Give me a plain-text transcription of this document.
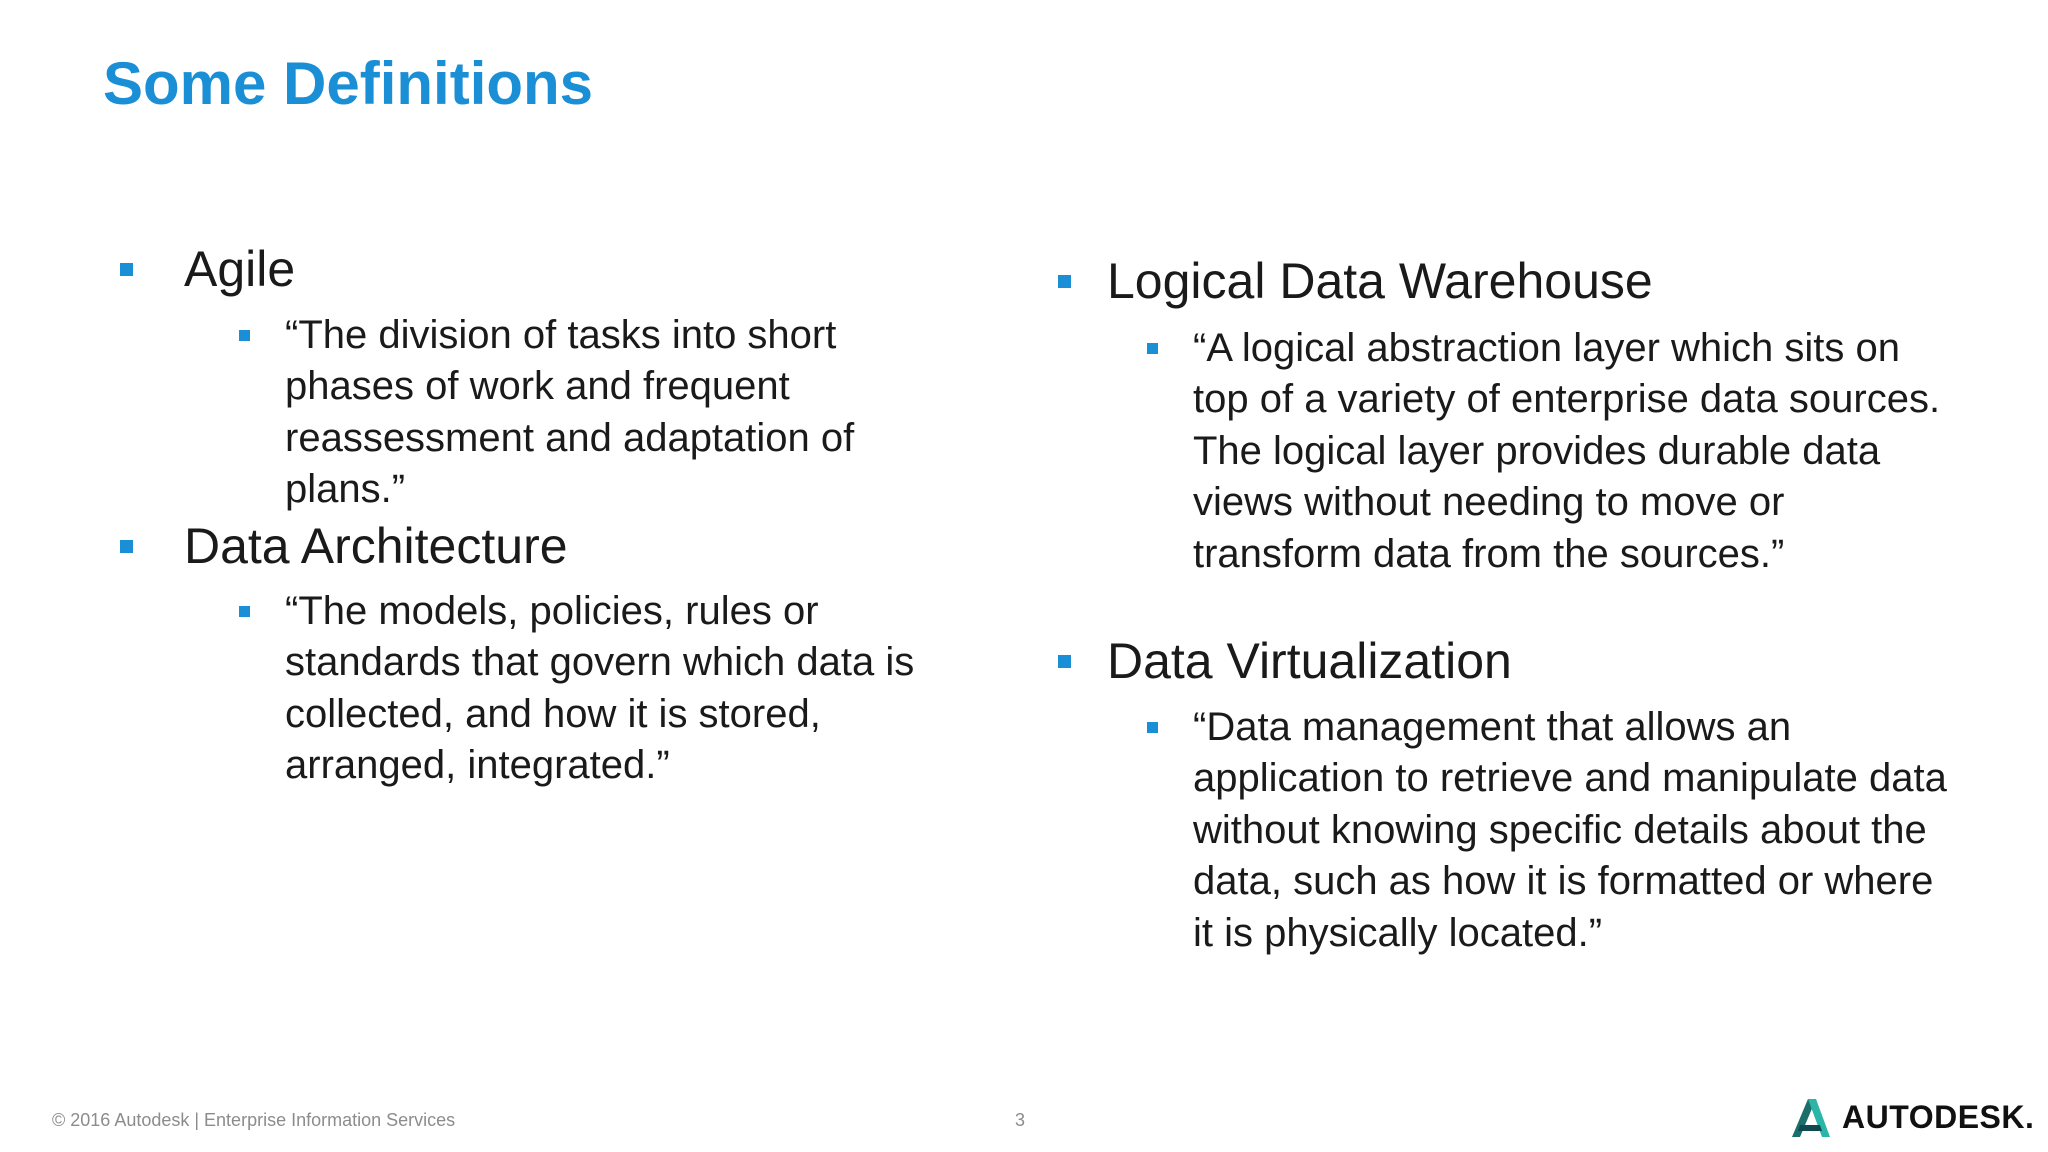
Some Definitions
Agile
“The division of tasks into short phases of work and frequent reassessment and adaptation of plans.”
Data Architecture
“The models, policies, rules or standards that govern which data is collected, and how it is stored, arranged, integrated.”
Logical Data Warehouse
“A logical abstraction layer which sits on top of a variety of enterprise data sources. The logical layer provides durable data views without needing to move or transform data from the sources.”
Data Virtualization
“Data management that allows an application to retrieve and manipulate data without knowing specific details about the data, such as how it is formatted or where it is physically located.”
© 2016 Autodesk | Enterprise Information Services	3	AUTODESK.
